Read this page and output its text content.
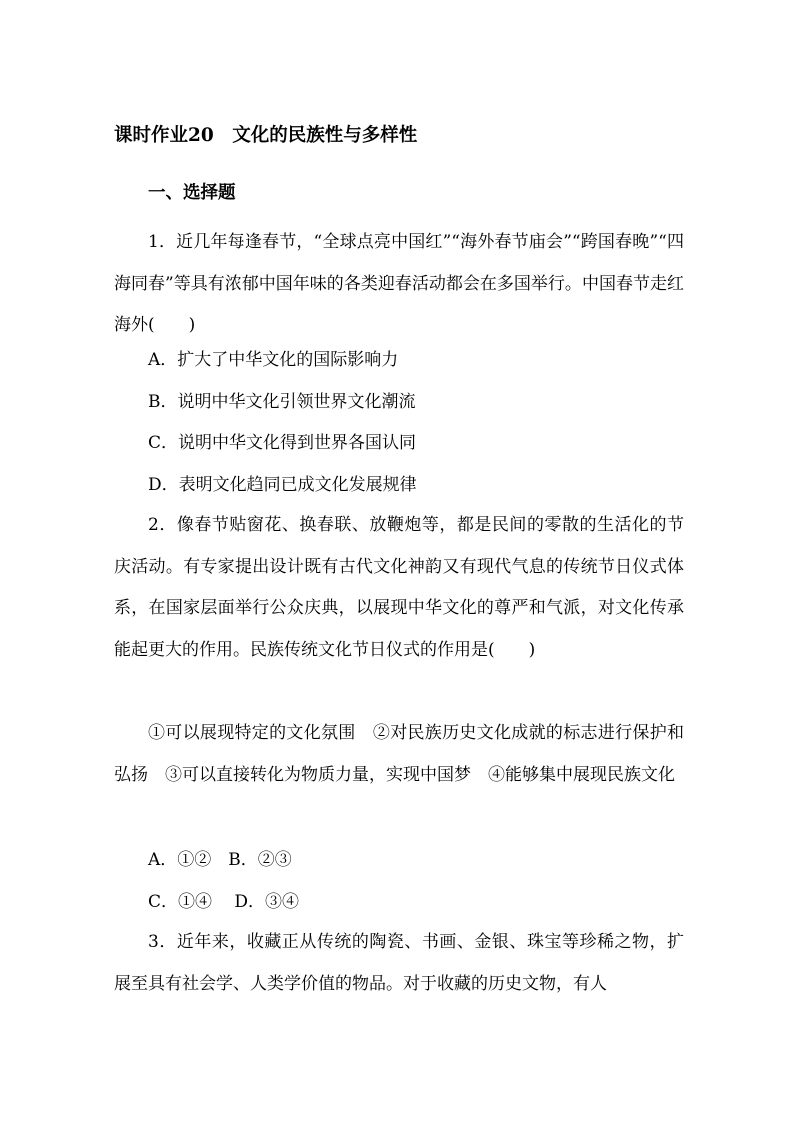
课时作业20　文化的民族性与多样性
一、选择题

1．近几年每逢春节，“全球点亮中国红”“海外春节庙会”“跨国春晚”“四海同春”等具有浓郁中国年味的各类迎春活动都会在多国举行。中国春节走红海外(　　)

A．扩大了中华文化的国际影响力
B．说明中华文化引领世界文化潮流
C．说明中华文化得到世界各国认同
D．表明文化趋同已成文化发展规律

2．像春节贴窗花、换春联、放鞭炮等，都是民间的零散的生活化的节庆活动。有专家提出设计既有古代文化神韵又有现代气息的传统节日仪式体系，在国家层面举行公众庆典，以展现中华文化的尊严和气派，对文化传承能起更大的作用。民族传统文化节日仪式的作用是(　　)

①可以展现特定的文化氛围　②对民族历史文化成就的标志进行保护和弘扬　③可以直接转化为物质力量，实现中国梦　④能够集中展现民族文化

A．①②　B．②③
C．①④　 D．③④

3．近年来，收藏正从传统的陶瓷、书画、金银、珠宝等珍稀之物，扩展至具有社会学、人类学价值的物品。对于收藏的历史文物，有人
